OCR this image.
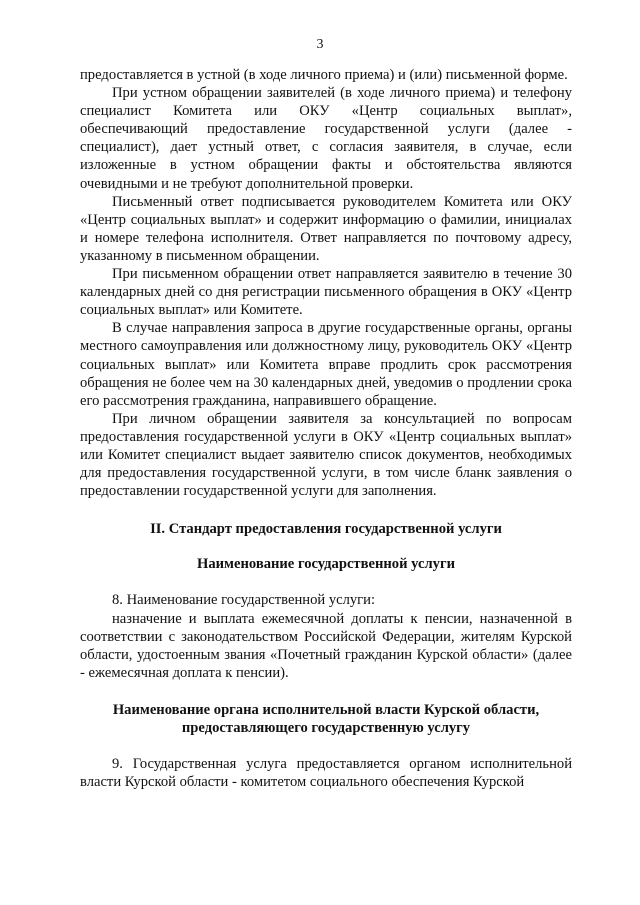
3

предоставляется в устной (в ходе личного приема) и (или) письменной форме.

При устном обращении заявителей (в ходе личного приема) и телефону специалист Комитета или ОКУ «Центр социальных выплат», обеспечивающий предоставление государственной услуги (далее - специалист), дает устный ответ, с согласия заявителя, в случае, если изложенные в устном обращении факты и обстоятельства являются очевидными и не требуют дополнительной проверки.

Письменный ответ подписывается руководителем Комитета или ОКУ «Центр социальных выплат» и содержит информацию о фамилии, инициалах и номере телефона исполнителя. Ответ направляется по почтовому адресу, указанному в письменном обращении.

При письменном обращении ответ направляется заявителю в течение 30 календарных дней со дня регистрации письменного обращения в ОКУ «Центр социальных выплат» или Комитете.

В случае направления запроса в другие государственные органы, органы местного самоуправления или должностному лицу, руководитель ОКУ «Центр социальных выплат» или Комитета вправе продлить срок рассмотрения обращения не более чем на 30 календарных дней, уведомив о продлении срока его рассмотрения гражданина, направившего обращение.

При личном обращении заявителя за консультацией по вопросам предоставления государственной услуги в ОКУ «Центр социальных выплат» или Комитет специалист выдает заявителю список документов, необходимых для предоставления государственной услуги, в том числе бланк заявления о предоставлении государственной услуги для заполнения.

II. Стандарт предоставления государственной услуги
Наименование государственной услуги

8. Наименование государственной услуги:

назначение и выплата ежемесячной доплаты к пенсии, назначенной в соответствии с законодательством Российской Федерации, жителям Курской области, удостоенным звания «Почетный гражданин Курской области» (далее - ежемесячная доплата к пенсии).

Наименование органа исполнительной власти Курской области,
предоставляющего государственную услугу

9. Государственная услуга предоставляется органом исполнительной власти Курской области - комитетом социального обеспечения Курской
